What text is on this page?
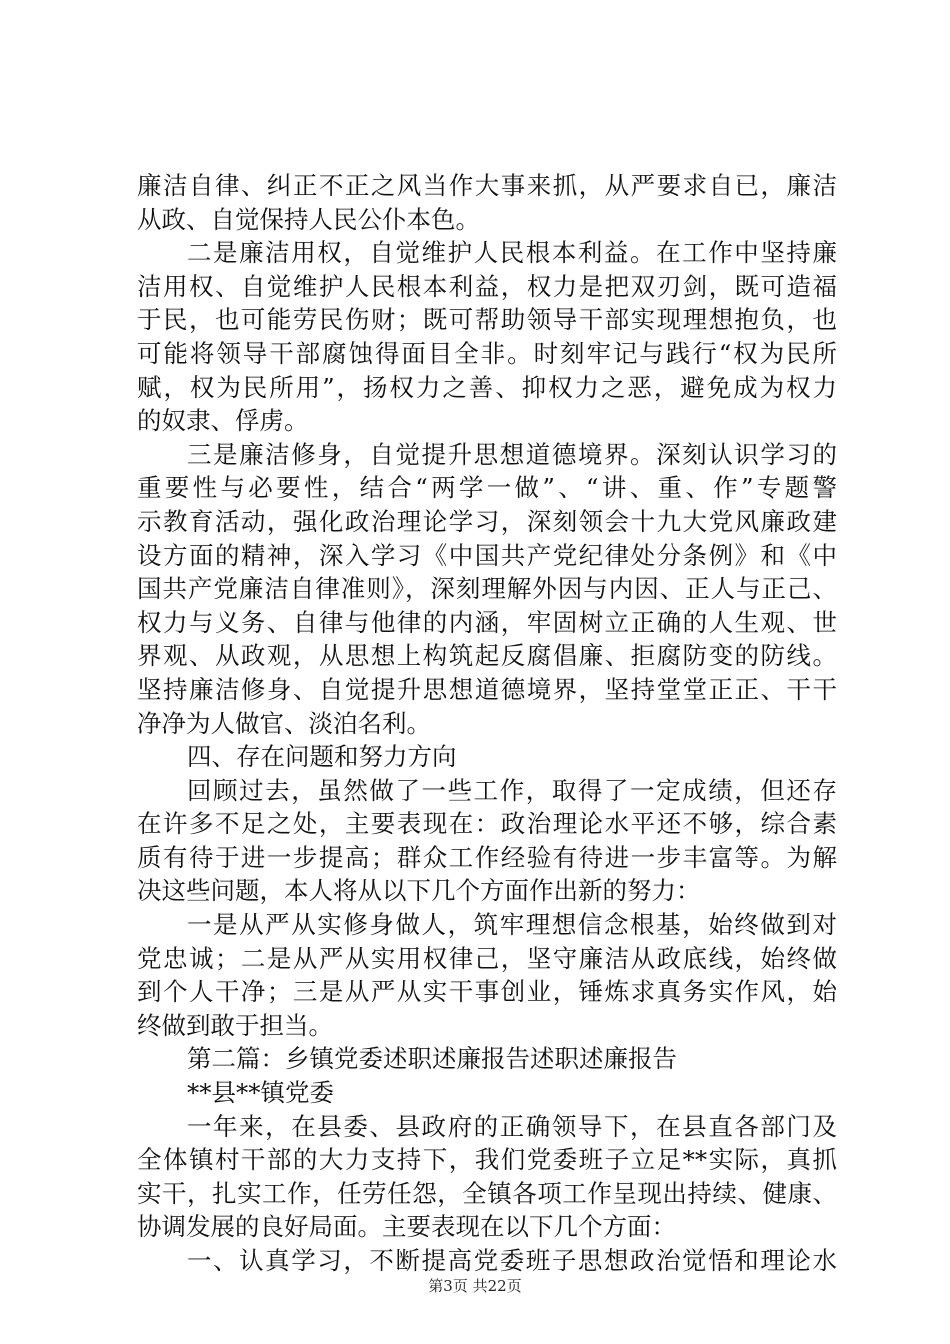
廉洁自律、纠正不正之风当作大事来抓，从严要求自已，廉洁
从政、自觉保持人民公仆本色。
二是廉洁用权，自觉维护人民根本利益。在工作中坚持廉
洁用权、自觉维护人民根本利益，权力是把双刃剑，既可造福
于民，也可能劳民伤财；既可帮助领导干部实现理想抱负，也
可能将领导干部腐蚀得面目全非。时刻牢记与践行“权为民所
赋，权为民所用”，扬权力之善、抑权力之恶，避免成为权力
的奴隶、俘虏。
三是廉洁修身，自觉提升思想道德境界。深刻认识学习的
重要性与必要性，结合“两学一做”、“讲、重、作”专题警
示教育活动，强化政治理论学习，深刻领会十九大党风廉政建
设方面的精神，深入学习《中国共产党纪律处分条例》和《中
国共产党廉洁自律准则》，深刻理解外因与内因、正人与正己、
权力与义务、自律与他律的内涵，牢固树立正确的人生观、世
界观、从政观，从思想上构筑起反腐倡廉、拒腐防变的防线。
坚持廉洁修身、自觉提升思想道德境界，坚持堂堂正正、干干
净净为人做官、淡泊名利。
四、存在问题和努力方向
回顾过去，虽然做了一些工作，取得了一定成绩，但还存
在许多不足之处，主要表现在：政治理论水平还不够，综合素
质有待于进一步提高；群众工作经验有待进一步丰富等。为解
决这些问题，本人将从以下几个方面作出新的努力：
一是从严从实修身做人，筑牢理想信念根基，始终做到对
党忠诚；二是从严从实用权律己，坚守廉洁从政底线，始终做
到个人干净；三是从严从实干事创业，锤炼求真务实作风，始
终做到敢于担当。
第二篇：乡镇党委述职述廉报告述职述廉报告
**县**镇党委
一年来，在县委、县政府的正确领导下，在县直各部门及
全体镇村干部的大力支持下，我们党委班子立足**实际，真抓
实干，扎实工作，任劳任怨，全镇各项工作呈现出持续、健康、
协调发展的良好局面。主要表现在以下几个方面：
一、认真学习，不断提高党委班子思想政治觉悟和理论水
第3页 共22页
